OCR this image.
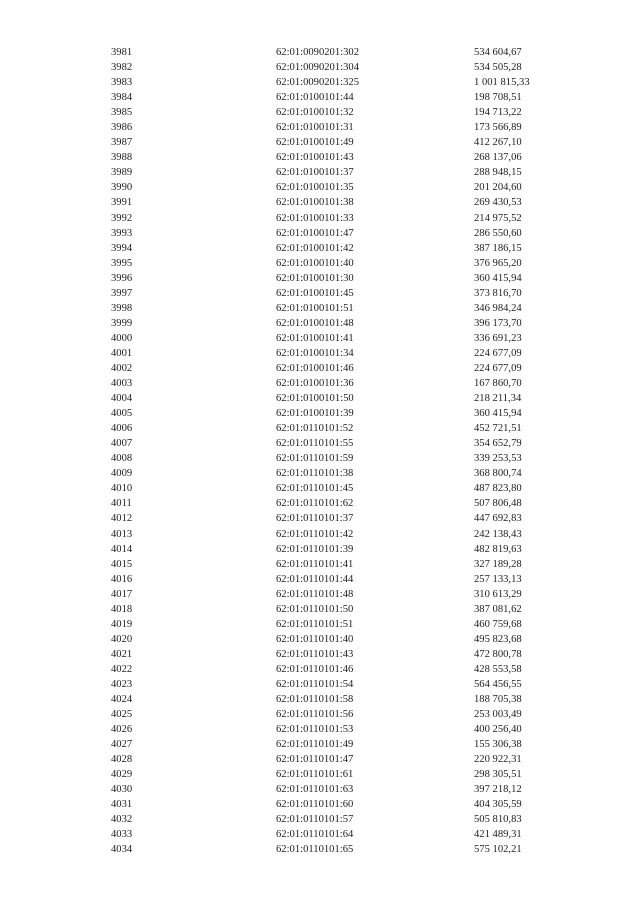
3981	62:01:0090201:302	534 604,67
3982	62:01:0090201:304	534 505,28
3983	62:01:0090201:325	1 001 815,33
3984	62:01:0100101:44	198 708,51
3985	62:01:0100101:32	194 713,22
3986	62:01:0100101:31	173 566,89
3987	62:01:0100101:49	412 267,10
3988	62:01:0100101:43	268 137,06
3989	62:01:0100101:37	288 948,15
3990	62:01:0100101:35	201 204,60
3991	62:01:0100101:38	269 430,53
3992	62:01:0100101:33	214 975,52
3993	62:01:0100101:47	286 550,60
3994	62:01:0100101:42	387 186,15
3995	62:01:0100101:40	376 965,20
3996	62:01:0100101:30	360 415,94
3997	62:01:0100101:45	373 816,70
3998	62:01:0100101:51	346 984,24
3999	62:01:0100101:48	396 173,70
4000	62:01:0100101:41	336 691,23
4001	62:01:0100101:34	224 677,09
4002	62:01:0100101:46	224 677,09
4003	62:01:0100101:36	167 860,70
4004	62:01:0100101:50	218 211,34
4005	62:01:0100101:39	360 415,94
4006	62:01:0110101:52	452 721,51
4007	62:01:0110101:55	354 652,79
4008	62:01:0110101:59	339 253,53
4009	62:01:0110101:38	368 800,74
4010	62:01:0110101:45	487 823,80
4011	62:01:0110101:62	507 806,48
4012	62:01:0110101:37	447 692,83
4013	62:01:0110101:42	242 138,43
4014	62:01:0110101:39	482 819,63
4015	62:01:0110101:41	327 189,28
4016	62:01:0110101:44	257 133,13
4017	62:01:0110101:48	310 613,29
4018	62:01:0110101:50	387 081,62
4019	62:01:0110101:51	460 759,68
4020	62:01:0110101:40	495 823,68
4021	62:01:0110101:43	472 800,78
4022	62:01:0110101:46	428 553,58
4023	62:01:0110101:54	564 456,55
4024	62:01:0110101:58	188 705,38
4025	62:01:0110101:56	253 003,49
4026	62:01:0110101:53	400 256,40
4027	62:01:0110101:49	155 306,38
4028	62:01:0110101:47	220 922,31
4029	62:01:0110101:61	298 305,51
4030	62:01:0110101:63	397 218,12
4031	62:01:0110101:60	404 305,59
4032	62:01:0110101:57	505 810,83
4033	62:01:0110101:64	421 489,31
4034	62:01:0110101:65	575 102,21
